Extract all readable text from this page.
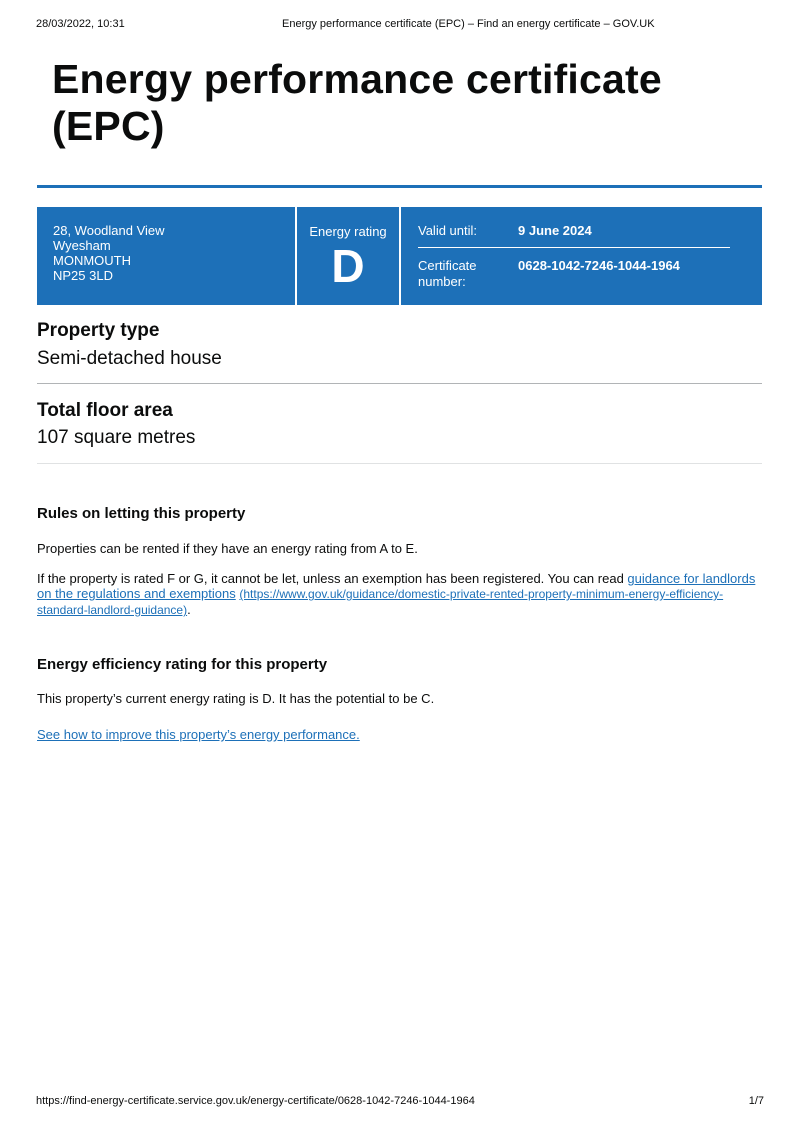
28/03/2022, 10:31	Energy performance certificate (EPC) – Find an energy certificate – GOV.UK
Energy performance certificate (EPC)
28, Woodland View
Wyesham
MONMOUTH
NP25 3LD
Energy rating
D
Valid until:	9 June 2024
Certificate number:
0628-1042-7246-1044-1964
Property type
Semi-detached house
Total floor area
107 square metres
Rules on letting this property
Properties can be rented if they have an energy rating from A to E.
If the property is rated F or G, it cannot be let, unless an exemption has been registered. You can read guidance for landlords on the regulations and exemptions (https://www.gov.uk/guidance/domestic-private-rented-property-minimum-energy-efficiency-standard-landlord-guidance).
Energy efficiency rating for this property
This property’s current energy rating is D. It has the potential to be C.
See how to improve this property’s energy performance.
https://find-energy-certificate.service.gov.uk/energy-certificate/0628-1042-7246-1044-1964	1/7
